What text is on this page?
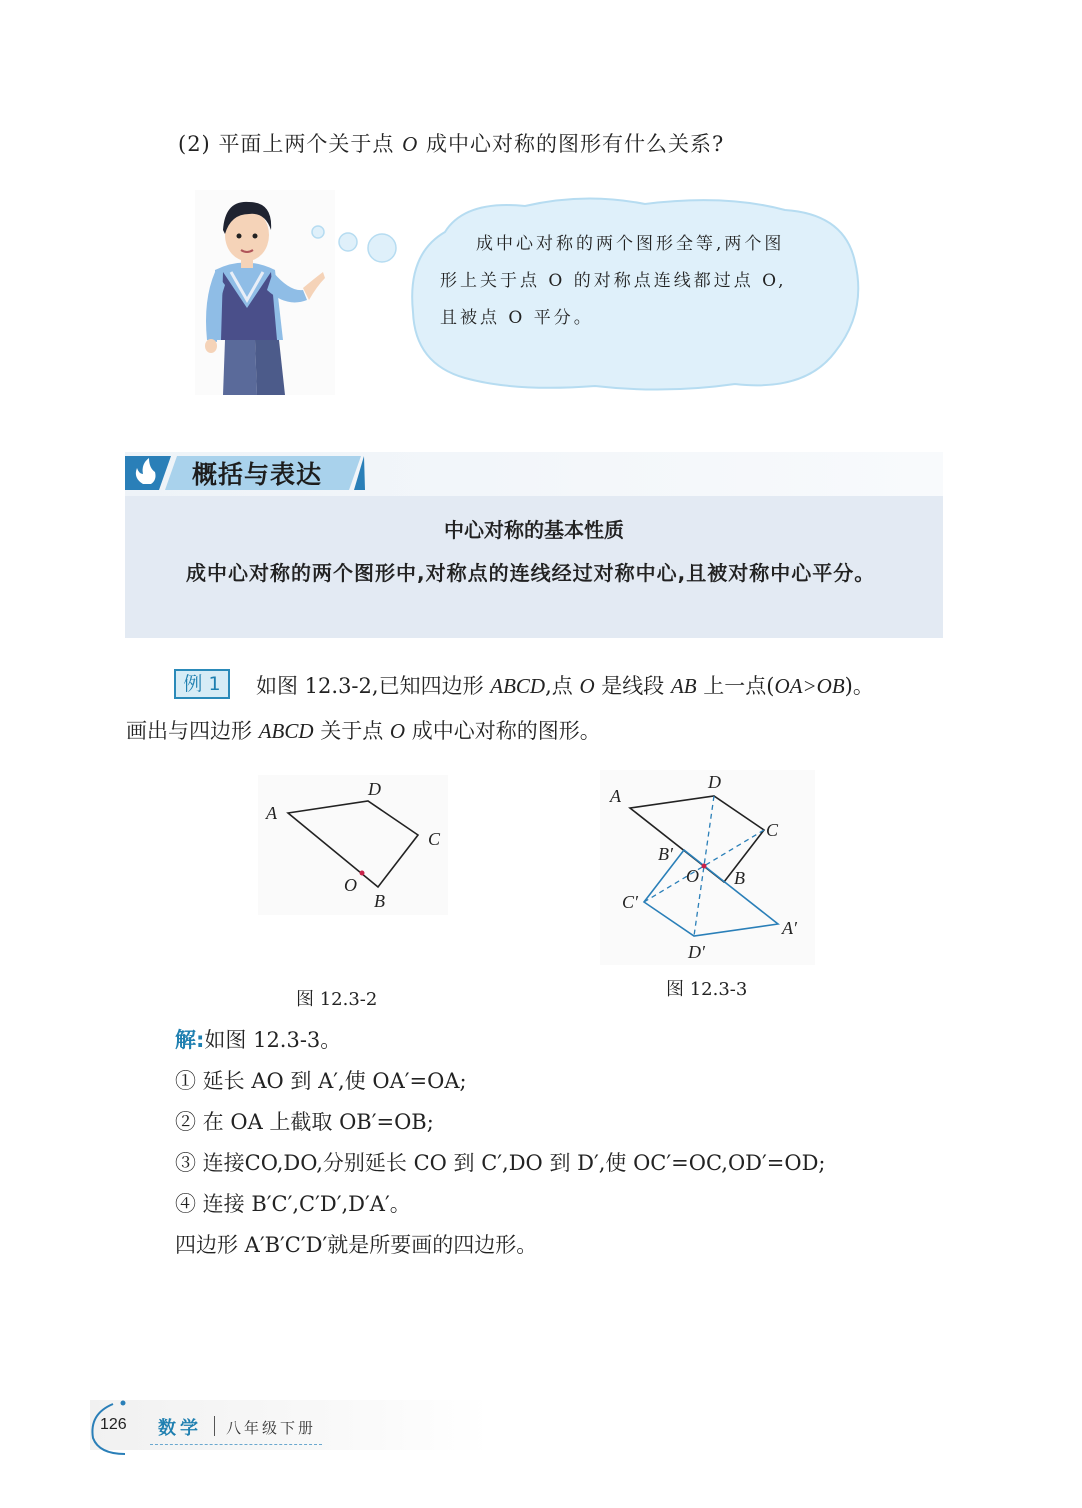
(2) 平面上两个关于点 O 成中心对称的图形有什么关系?
成中心对称的两个图形全等,两个图
形上关于点 O 的对称点连线都过点 O,
且被点 O 平分。
概括与表达
中心对称的基本性质
成中心对称的两个图形中,对称点的连线经过对称中心,且被对称中心平分。
例 1	如图 12.3-2,已知四边形 ABCD,点 O 是线段 AB 上一点(OA>OB)。
画出与四边形 ABCD 关于点 O 成中心对称的图形。
A
D
C
O
B
图 12.3-2
A
D
C
B′
O B
C′
A′
D′
图 12.3-3
解:如图 12.3-3。
① 延长 AO 到 A′,使 OA′=OA;
② 在 OA 上截取 OB′=OB;
③ 连接CO,DO,分别延长 CO 到 C′,DO 到 D′,使 OC′=OC,OD′=OD;
④ 连接 B′C′,C′D′,D′A′。
四边形 A′B′C′D′就是所要画的四边形。
126 数学 八年级下册
